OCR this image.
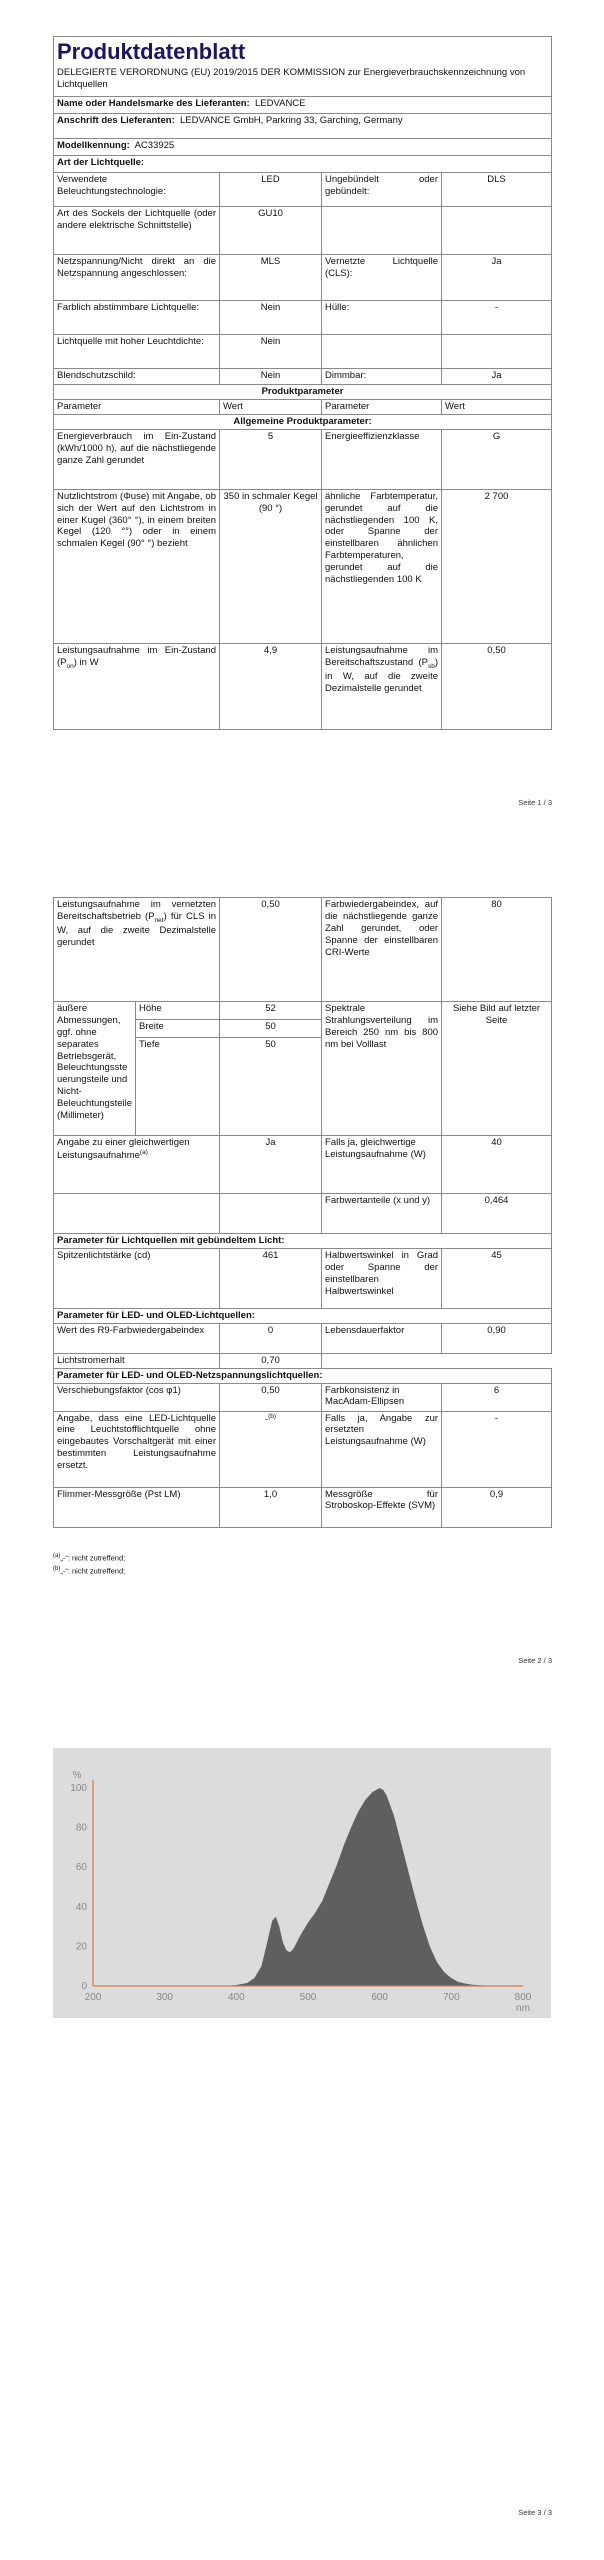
Produktdatenblatt			
DELEGIERTE VERORDNUNG (EU) 2019/2015 DER KOMMISSION zur Energieverbrauchskennzeichnung von Lichtquellen			
Name oder Handelsmarke des Lieferanten: LEDVANCE			
Anschrift des Lieferanten: LEDVANCE GmbH, Parkring 33, Garching, Germany			
Modellkennung: AC33925			
Art der Lichtquelle:			
Verwendete Beleuchtungstechnologie:	LED	Ungebündelt oder gebündelt:	DLS
Art des Sockels der Lichtquelle (oder andere elektrische Schnittstelle)	GU10		
Netzspannung/Nicht direkt an die Netzspannung angeschlossen:	MLS	Vernetzte Lichtquelle (CLS):	Ja
Farblich abstimmbare Lichtquelle:	Nein	Hülle:	-
Lichtquelle mit hoher Leuchtdichte:	Nein		
Blendschutzschild:	Nein	Dimmbar:	Ja
Produktparameter			
Parameter	Wert	Parameter	Wert
Allgemeine Produktparameter:			
Energieverbrauch im Ein-Zustand (kWh/1000 h), auf die nächstliegende ganze Zahl gerundet	5	Energieeffizienzklasse	G
Nutzlichtstrom (Φuse) mit Angabe, ob sich der Wert auf den Lichtstrom in einer Kugel (360° °), in einem breiten Kegel (120 °°) oder in einem schmalen Kegel (90° °) bezieht	350 in schmaler Kegel (90 °)	ähnliche Farbtemperatur, gerundet auf die nächstliegenden 100 K, oder Spanne der einstellbaren ähnlichen Farbtemperaturen, gerundet auf die nächstliegenden 100 K	2 700
Leistungsaufnahme im Ein-Zustand $(P_{on})$ in W	4,9	Leistungsaufnahme im Bereitschaftszustand $(P_{sb})$ in W, auf die zweite Dezimalstelle gerundet	0,50
Seite 1 / 3
Leistungsaufnahme im vernetzten Bereitschaftsbetrieb $(P_{net})$ für CLS in W, auf die zweite Dezimalstelle gerundet		0,50	Farbwiedergabeindex, auf die nächstliegende ganze Zahl gerundet, oder Spanne der einstellbaren CRI-Werte	80
äußere Abmessungen, ggf. ohne separates Betriebsgerät, Beleuchtungssteuerungsteile und Nicht-Beleuchtungsteile (Millimeter)	Höhe	52	Spektrale Strahlungsverteilung im Bereich 250 nm bis 800 nm bei Volllast	Siehe Bild auf letzter Seite
	Breite	50		
	Tiefe	50		
Angabe zu einer gleichwertigen Leistungsaufnahme$^{(a)}$		Ja	Falls ja, gleichwertige Leistungsaufnahme (W)	40
			Farbwertanteile (x und y)	0,464
Parameter für Lichtquellen mit gebündeltem Licht:				
Spitzenlichtstärke (cd)		461	Halbwertswinkel in Grad oder Spanne der einstellbaren Halbwertswinkel	45
Parameter für LED- und OLED-Lichtquellen:				
Wert des R9-Farbwiedergabeindex		0	Lebensdauerfaktor	0,90
Lichtstromerhalt		0,70		
Parameter für LED- und OLED-Netzspannungslichtquellen:				
Verschiebungsfaktor (cos φ1)		0,50	Farbkonsistenz in MacAdam-Ellipsen	6
Angabe, dass eine LED-Lichtquelle eine Leuchtstofflichtquelle ohne eingebautes Vorschaltgerät mit einer bestimmten Leistungsaufnahme ersetzt.		-$^{(b)}$	Falls ja, Angabe zur ersetzten Leistungsaufnahme (W)	-
Flimmer-Messgröße (Pst LM)		1,0	Messgröße für Stroboskop-Effekte (SVM)	0,9
$^{(a)}$„-“: nicht zutreffend;
$^{(b)}$„-“: nicht zutreffend;
Seite 2 / 3
200	300	400	500	600	700	800
0
20
40
60
80
100
%
nm
Seite 3 / 3
